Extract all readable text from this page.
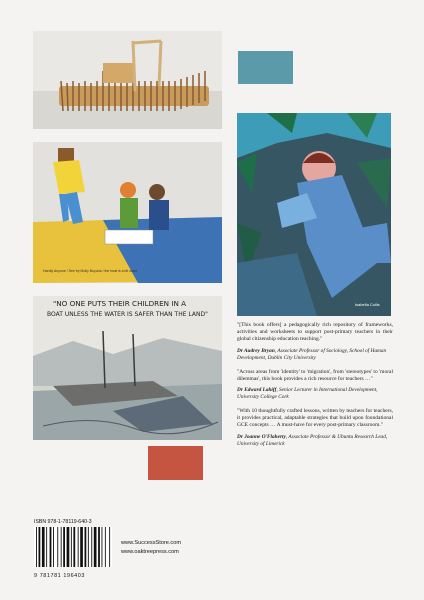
Hardly Anyone / See by Molly Buyuna / the boat is a bit wave
"NO ONE PUTS THEIR CHILDREN IN A
BOAT UNLESS THE WATER IS SAFER THAN THE LAND"
Isabella Collis

"[This book offers] a pedagogically rich repository of frameworks, activities and worksheets to support post-primary teachers in their global citizenship education teaching."

Dr Audrey Bryan, Associate Professor of Sociology, School of Human Development, Dublin City University

"Across areas from 'identity' to 'migration', from 'stereotypes' to 'moral dilemmas', this book provides a rich resource for teachers …"

Dr Edward Lahiff, Senior Lecturer in International Development, University College Cork

"With 10 thoughtfully crafted lessons, written by teachers for teachers, it provides practical, adaptable strategies that build upon foundational GCE concepts … A must-have for every post-primary classroom."

Dr Joanne O'Flaherty, Associate Professor & Ubuntu Research Lead, University of Limerick
ISBN 978-1-78119-640-3
9 781781 196403
www.SuccessStore.com
www.oaktreepress.com
